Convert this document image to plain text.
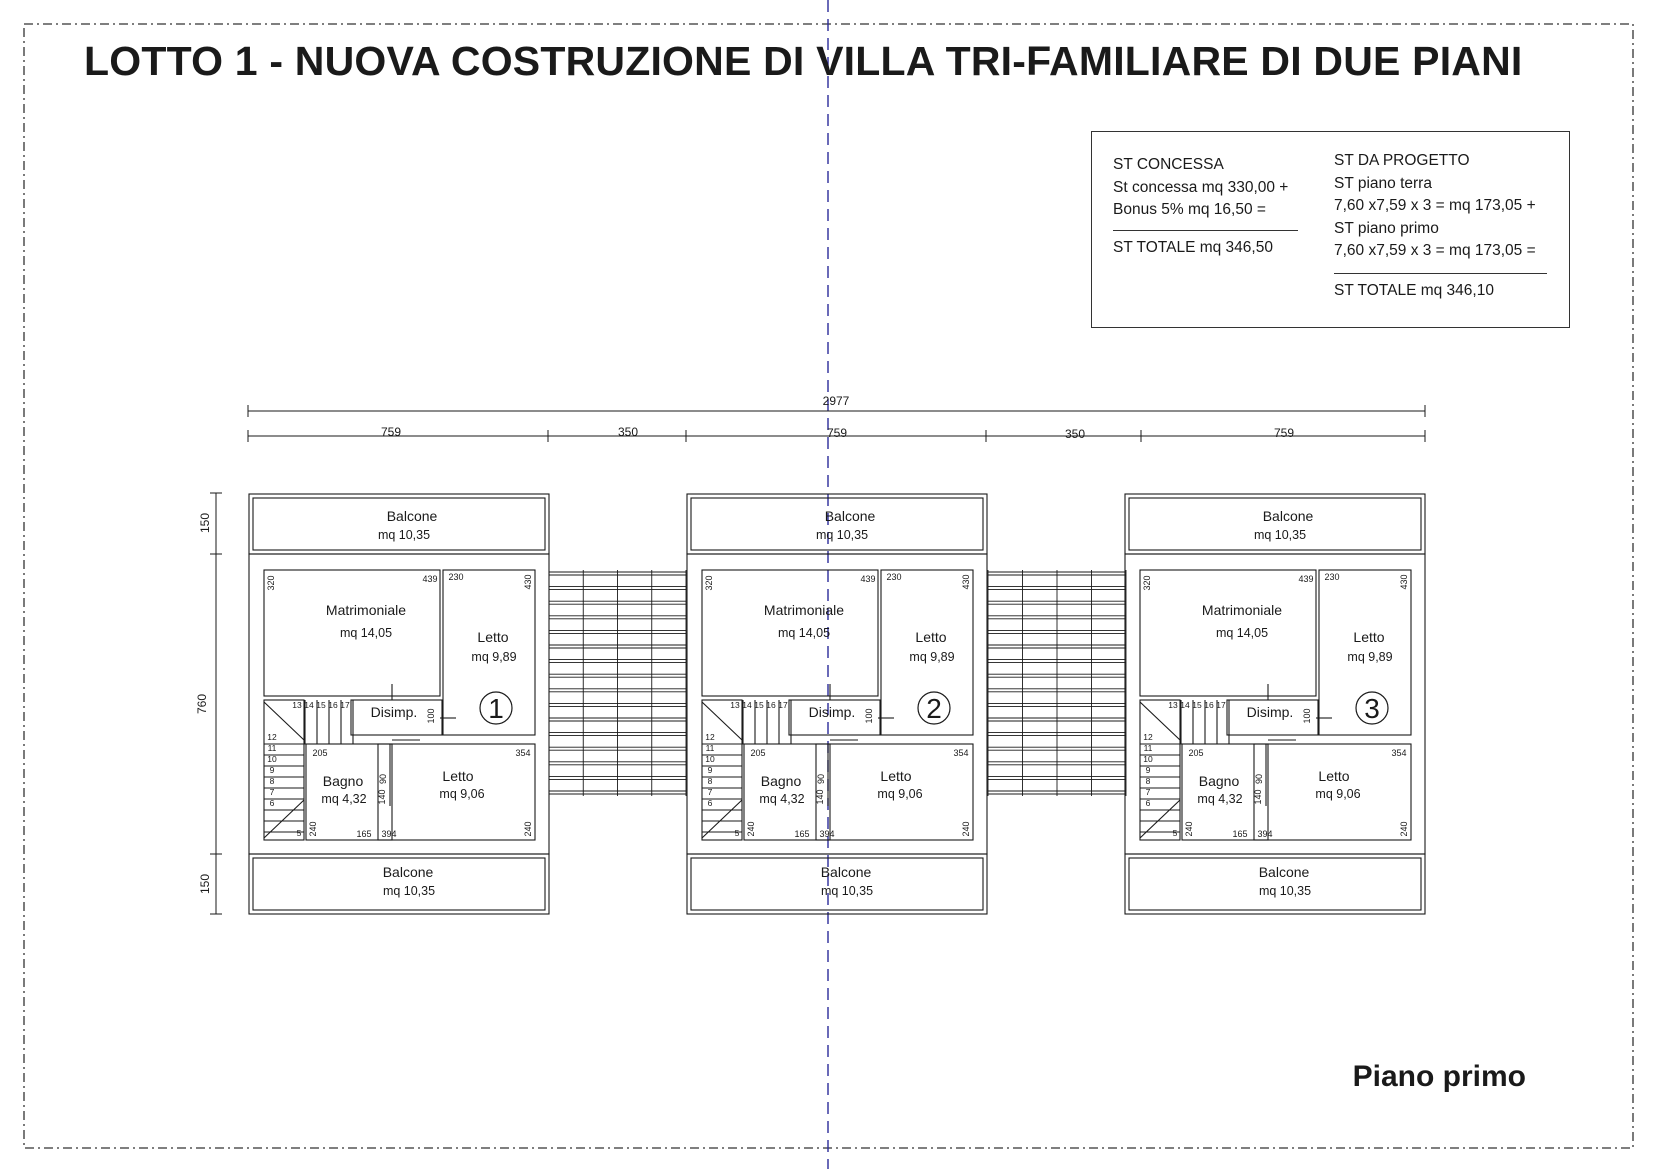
2977
759	350	759	350	759
150
760
150
Matrimoniale
mq 14,05	Letto
mq 9,89
Disimp.
Bagno
mq 4,32
Letto
mq 9,06
Balcone
mq 10,35
Balcone
mq 10,35
320	439 230	430
100
205	354
90
140
240	165 394	240
13 14 15 16 17
12
11
10
9
8
7
6
5
1
Matrimoniale
mq 14,05	Letto
mq 9,89
Disimp.
Bagno
mq 4,32
Letto
mq 9,06
Balcone
mq 10,35
Balcone
mq 10,35
320	439 230	430
100
205	354
90
140
240	165 394	240
13 14 15 16 17
12
11
10
9
8
7
6
5
2
Matrimoniale
mq 14,05	Letto
mq 9,89
Disimp.
Bagno
mq 4,32
Letto
mq 9,06
Balcone
mq 10,35
Balcone
mq 10,35
320	439 230	430
100
205	354
90
140
240	165 394	240
13 14 15 16 17
12
11
10
9
8
7
6
5
3
LOTTO 1 - NUOVA COSTRUZIONE DI VILLA TRI-FAMILIARE DI DUE PIANI
ST CONCESSA
St concessa mq 330,00 +
Bonus 5% mq 16,50 =
ST TOTALE mq 346,50
ST DA PROGETTO
ST piano terra
7,60 x7,59 x 3 = mq 173,05 +
ST piano primo
7,60 x7,59 x 3 = mq 173,05 =
ST TOTALE mq 346,10
Piano primo
